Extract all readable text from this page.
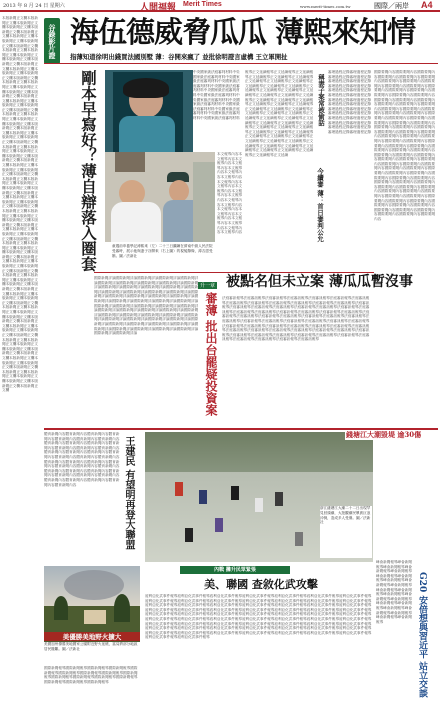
2013 年 8 月 24 日 星期六	人間福報 Merit Times	www.merit-times.com.tw	國際／兩岸 A4
本版新聞正文欄本版新聞正文欄本版新聞正文欄本版新聞正文欄本版新聞正文欄本版新聞正文欄本版新聞正文欄本版新聞正文欄本版新聞正文欄本版新聞正文欄本版新聞正文欄本版新聞正文欄本版新聞正文欄本版新聞正文欄本版新聞正文欄本版新聞正文欄本版新聞正文欄本版新聞正文欄本版新聞正文欄本版新聞正文欄本版新聞正文欄本版新聞正文欄本版新聞正文欄本版新聞正文欄本版新聞正文欄本版新聞正文欄本版新聞正文欄本版新聞正文欄本版新聞正文欄本版新聞正文欄本版新聞正文欄本版新聞正文欄本版新聞正文欄本版新聞正文欄本版新聞正文欄本版新聞正文欄本版新聞正文欄本版新聞正文欄本版新聞正文欄本版新聞正文欄本版新聞正文欄本版新聞正文欄本版新聞正文欄本版新聞正文欄本版新聞正文欄本版新聞正文欄本版新聞正文欄本版新聞正文欄本版新聞正文欄本版新聞正文欄本版新聞正文欄本版新聞正文欄本版新聞正文欄本版新聞正文欄本版新聞正文欄本版新聞正文欄本版新聞正文欄本版新聞正文欄本版新聞正文欄本版新聞正文欄本版新聞正文欄本版新聞正文欄本版新聞正文欄本版新聞正文欄本版新聞正文欄本版新聞正文欄本版新聞正文欄本版新聞正文欄本版新聞正文欄本版新聞正文欄本版新聞正文欄本版新聞正文欄本版新聞正文欄本版新聞正文欄本版新聞正文欄本版新聞正文欄本版新聞正文欄本版新聞正文欄本版新聞正文欄本版新聞正文欄本版新聞正文欄本版新聞正文欄本版新聞正文欄本版新聞正文欄本版新聞正文欄本版新聞正文欄本版新聞正文欄本版新聞正文欄本版新聞正文欄本版新聞正文欄本版新聞正文欄本版新聞正文欄本版新聞正文欄本版新聞正文欄本版新聞正文欄本版新聞正文欄本版新聞正文欄本版新聞正文欄本版新聞正文欄本版新聞正文欄本版新聞正文欄本版新聞正文欄本版新聞正文欄本版新聞正文欄本版新聞正文欄本版新聞正文欄本版新聞正文欄本版新聞正文欄本版新聞正文欄本版新聞正文欄本版新聞正文欄本版新聞正文欄本版新聞正文欄本版新聞正文欄本版新聞正文欄本版新聞正文欄
谷錄影片證 海伍德威脅瓜瓜 薄熙來知情
指薄知道徐明出錢買法國別墅 薄：谷開來瘋了 並批徐明證言虛構 王立軍開扯
剛本早寫好？薄自辯落入圈套	童週前申養學記溥熙來（左）二十三日繼續在濟南中級人民法院受審時，展示他與妻子谷開來（右上圖）的視頻錄像，薄否認受賄。圖／法新社
中央國家級法庭審判材料中央國家級法庭審判材料中央國家級法庭審判材料中央國家級法庭審判材料中央國家級法庭審判材料中央國家級法庭審判材料中央國家級法庭審判材料中央國家級法庭審判材料中央國家級法庭審判材料中央國家級法庭審判材料中央國家級法庭審判材料中央國家級法庭審判材料中央國家級法庭審判材料
本文報導內容本文報導內容本文報導內容本文報導內容本文報導內容本文報導內容本文報導內容本文報導內容本文報導內容本文報導內容本文報導內容本文報導內容本文報導內容本文報導內容本文報導內容本文報導內容本文報導內容本文報導內容本文報導內容本文報導內容本文報導內容
報導正文延續報導正文延續報導正文延續報導正文延續報導正文延續報導正文延續報導正文延續報導正文延續報導正文延續報導正文延續報導正文延續報導正文延續報導正文延續報導正文延續報導正文延續報導正文延續報導正文延續報導正文延續報導正文延續報導正文延續報導正文延續報導正文延續報導正文延續報導正文延續報導正文延續報導正文延續報導正文延續報導正文延續報導正文延續報導正文延續報導正文延續報導正文延續報導正文延續報導正文延續報導正文延續報導正文延續報導正文延續報導正文延續報導正文延續報導正文延續報導正文延續報導正文延續報導正文延續報導正文延續報導正文延續報導正文延續報導正文延續報導正文延續報導正文延續報導正文延續報導正文延續報導正文延續報導正文延續報導正文延續報導正文延續報導正文延續報導正文延續報導正文延續報導正文延續
稱妻子案常被偷話
審理過程記錄審理過程記錄審理過程記錄審理過程記錄審理過程記錄審理過程記錄審理過程記錄審理過程記錄審理過程記錄審理過程記錄審理過程記錄審理過程記錄審理過程記錄審理過程記錄審理過程記錄審理過程記錄審理過程記錄審理過程記錄審理過程記錄審理過程記錄審理過程記錄審理過程記錄審理過程記錄審理過程記錄審理過程記錄審理過程記錄審理過程記錄審理過程記錄
今續審 薄：首日審判公允
國際要聞內容國際要聞內容國際要聞內容國際要聞內容國際要聞內容國際要聞內容國際要聞內容國際要聞內容國際要聞內容國際要聞內容國際要聞內容國際要聞內容國際要聞內容國際要聞內容國際要聞內容國際要聞內容國際要聞內容國際要聞內容國際要聞內容國際要聞內容國際要聞內容國際要聞內容國際要聞內容國際要聞內容國際要聞內容國際要聞內容國際要聞內容國際要聞內容國際要聞內容國際要聞內容國際要聞內容國際要聞內容國際要聞內容國際要聞內容國際要聞內容國際要聞內容國際要聞內容國際要聞內容國際要聞內容國際要聞內容國際要聞內容國際要聞內容國際要聞內容國際要聞內容國際要聞內容國際要聞內容國際要聞內容國際要聞內容國際要聞內容國際要聞內容國際要聞內容國際要聞內容國際要聞內容國際要聞內容國際要聞內容國際要聞內容國際要聞內容國際要聞內容國際要聞內容國際要聞內容國際要聞內容國際要聞內容國際要聞內容國際要聞內容國際要聞內容國際要聞內容國際要聞內容國際要聞內容國際要聞內容國際要聞內容國際要聞內容國際要聞內容國際要聞內容國際要聞內容國際要聞內容國際要聞內容國際要聞內容國際要聞內容國際要聞內容國際要聞內容國際要聞內容國際要聞內容國際要聞內容國際要聞內容國際要聞內容國際要聞內容國際要聞內容國際要聞內容國際要聞內容國際要聞內容國際要聞內容
升一章 被點名但未立案 薄瓜瓜暫沒事
審薄 批出台罷疑投資案
國際新聞評論國際新聞評論國際新聞評論國際新聞評論國際新聞評論國際新聞評論國際新聞評論國際新聞評論國際新聞評論國際新聞評論國際新聞評論國際新聞評論國際新聞評論國際新聞評論國際新聞評論國際新聞評論國際新聞評論國際新聞評論國際新聞評論國際新聞評論國際新聞評論國際新聞評論國際新聞評論國際新聞評論國際新聞評論國際新聞評論國際新聞評論國際新聞評論國際新聞評論國際新聞評論國際新聞評論國際新聞評論國際新聞評論國際新聞評論國際新聞評論國際新聞評論國際新聞評論國際新聞評論國際新聞評論國際新聞評論國際新聞評論國際新聞評論國際新聞評論國際新聞評論國際新聞評論國際新聞評論國際新聞評論國際新聞評論國際新聞評論國際新聞評論國際新聞評論國際新聞評論國際新聞評論國際新聞評論國際新聞評論國際新聞評論國際新聞評論國際新聞評論國際新聞評論國際新聞評論
法庭審訊報導法庭審訊報導法庭審訊報導法庭審訊報導法庭審訊報導法庭審訊報導法庭審訊報導法庭審訊報導法庭審訊報導法庭審訊報導法庭審訊報導法庭審訊報導法庭審訊報導法庭審訊報導法庭審訊報導法庭審訊報導法庭審訊報導法庭審訊報導法庭審訊報導法庭審訊報導法庭審訊報導法庭審訊報導法庭審訊報導法庭審訊報導法庭審訊報導法庭審訊報導法庭審訊報導法庭審訊報導法庭審訊報導法庭審訊報導法庭審訊報導法庭審訊報導法庭審訊報導法庭審訊報導法庭審訊報導法庭審訊報導法庭審訊報導法庭審訊報導法庭審訊報導法庭審訊報導法庭審訊報導法庭審訊報導法庭審訊報導法庭審訊報導法庭審訊報導法庭審訊報導法庭審訊報導法庭審訊報導法庭審訊報導法庭審訊報導法庭審訊報導法庭審訊報導法庭審訊報導法庭審訊報導法庭審訊報導法庭審訊報導法庭審訊報導法庭審訊報導法庭審訊報導法庭審訊報導法庭審訊報導法庭審訊報導法庭審訊報導法庭審訊報導法庭審訊報導法庭審訊報導
王建民 有望明再登大聯盟
體育新聞內容體育新聞內容體育新聞內容體育新聞內容體育新聞內容體育新聞內容體育新聞內容體育新聞內容體育新聞內容體育新聞內容體育新聞內容體育新聞內容體育新聞內容體育新聞內容體育新聞內容體育新聞內容體育新聞內容體育新聞內容體育新聞內容體育新聞內容體育新聞內容體育新聞內容體育新聞內容體育新聞內容體育新聞內容體育新聞內容體育新聞內容體育新聞內容體育新聞內容體育新聞內容體育新聞內容體育新聞內容體育新聞內容體育新聞內容體育新聞內容體育新聞內容體育新聞內容體育新聞內容體育新聞內容體育新聞內容
美優勝美地野火擴大
美國加州優勝美地國家公園附近野火延燒，當局將部分地區居民撤離。圖／法新社
國際新聞報導國際新聞報導國際新聞報導國際新聞報導國際新聞報導國際新聞報導國際新聞報導國際新聞報導國際新聞報導國際新聞報導國際新聞報導國際新聞報導國際新聞報導國際新聞報導國際新聞報導國際新聞報導
錢塘江大潮毀堤 逾30傷
浙江錢塘江大潮二十二日出現罕見回頭潮，大批觀潮民眾被巨浪沖倒，造成多人受傷。圖／法新社
內戰 攤升民眾緊張
美、聯國 查敘化武攻擊
敘利亞化武事件報導敘利亞化武事件報導敘利亞化武事件報導敘利亞化武事件報導敘利亞化武事件報導敘利亞化武事件報導敘利亞化武事件報導敘利亞化武事件報導敘利亞化武事件報導敘利亞化武事件報導敘利亞化武事件報導敘利亞化武事件報導敘利亞化武事件報導敘利亞化武事件報導敘利亞化武事件報導敘利亞化武事件報導敘利亞化武事件報導敘利亞化武事件報導敘利亞化武事件報導敘利亞化武事件報導敘利亞化武事件報導敘利亞化武事件報導敘利亞化武事件報導敘利亞化武事件報導敘利亞化武事件報導敘利亞化武事件報導敘利亞化武事件報導敘利亞化武事件報導敘利亞化武事件報導敘利亞化武事件報導敘利亞化武事件報導敘利亞化武事件報導敘利亞化武事件報導敘利亞化武事件報導敘利亞化武事件報導敘利亞化武事件報導敘利亞化武事件報導敘利亞化武事件報導敘利亞化武事件報導敘利亞化武事件報導敘利亞化武事件報導敘利亞化武事件報導敘利亞化武事件報導敘利亞化武事件報導敘利亞化武事件報導敘利亞化武事件報導敘利亞化武事件報導敘利亞化武事件報導敘利亞化武事件報導敘利亞化武事件報導敘利亞化武事件報導敘利亞化武事件報導敘利亞化武事件報導敘利亞化武事件報導敘利亞化武事件報導敘利亞化武事件報導敘利亞化武事件報導敘利亞化武事件報導敘利亞化武事件報導敘利亞化武事件報導敘利亞化武事件報導敘利亞化武事件報導敘利亞化武事件報導敘利亞化武事件報導敘利亞化武事件報導	G20 安倍想與習近平 站立交談
峰會新聞報導峰會新聞報導峰會新聞報導峰會新聞報導峰會新聞報導峰會新聞報導峰會新聞報導峰會新聞報導峰會新聞報導峰會新聞報導峰會新聞報導峰會新聞報導峰會新聞報導峰會新聞報導峰會新聞報導峰會新聞報導峰會新聞報導峰會新聞報導峰會新聞報導峰會新聞報導峰會新聞報導峰會新聞報導
